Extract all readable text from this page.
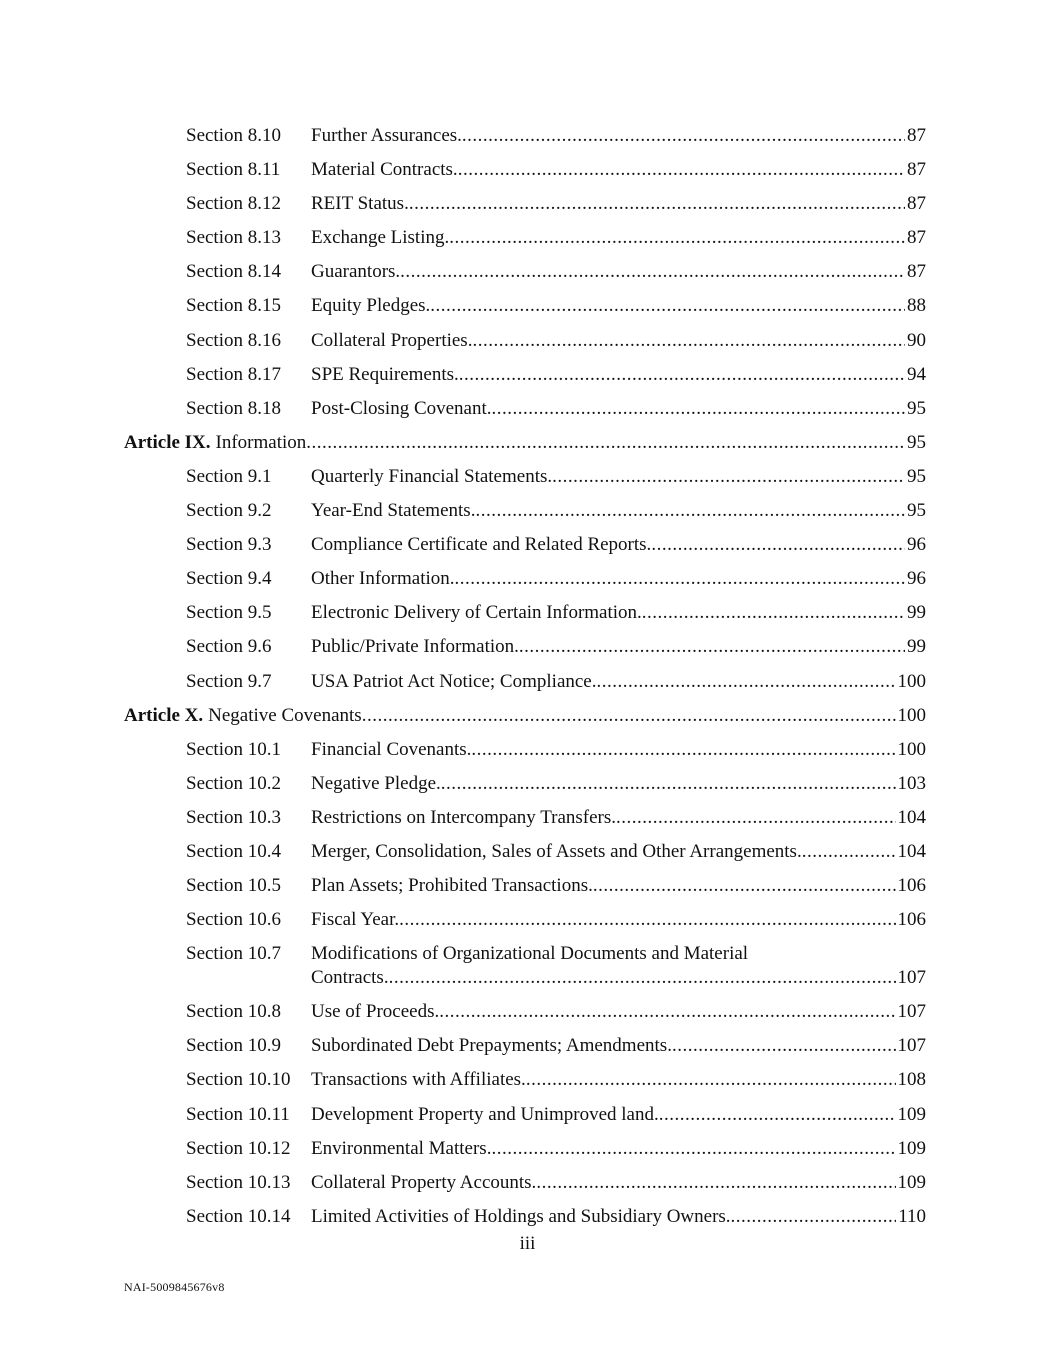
Section 8.10 Further Assurances. .....	87
Section 8.11 Material Contracts. .....	87
Section 8.12 REIT Status. .....	87
Section 8.13 Exchange Listing. .....	87
Section 8.14 Guarantors. .....	87
Section 8.15 Equity Pledges. .....	88
Section 8.16 Collateral Properties. .....	90
Section 8.17 SPE Requirements. .....	94
Section 8.18 Post-Closing Covenant. .....	95
Article IX. Information .....	95
Section 9.1 Quarterly Financial Statements. .....	95
Section 9.2 Year-End Statements. .....	95
Section 9.3 Compliance Certificate and Related Reports. .....	96
Section 9.4 Other Information. .....	96
Section 9.5 Electronic Delivery of Certain Information. .....	99
Section 9.6 Public/Private Information. .....	99
Section 9.7 USA Patriot Act Notice; Compliance. .....	100
Article X. Negative Covenants .....	100
Section 10.1 Financial Covenants. .....	100
Section 10.2 Negative Pledge. .....	103
Section 10.3 Restrictions on Intercompany Transfers. .....	104
Section 10.4 Merger, Consolidation, Sales of Assets and Other Arrangements. .....	104
Section 10.5 Plan Assets; Prohibited Transactions. .....	106
Section 10.6 Fiscal Year. .....	106
Section 10.7 Modifications of Organizational Documents and Material
Contracts. .....	107
Section 10.8 Use of Proceeds. .....	107
Section 10.9 Subordinated Debt Prepayments; Amendments. .....	107
Section 10.10 Transactions with Affiliates. .....	108
Section 10.11 Development Property and Unimproved land. .....	109
Section 10.12 Environmental Matters. .....	109
Section 10.13 Collateral Property Accounts. .....	109
Section 10.14 Limited Activities of Holdings and Subsidiary Owners. .....	110
iii
NAI-5009845676v8
